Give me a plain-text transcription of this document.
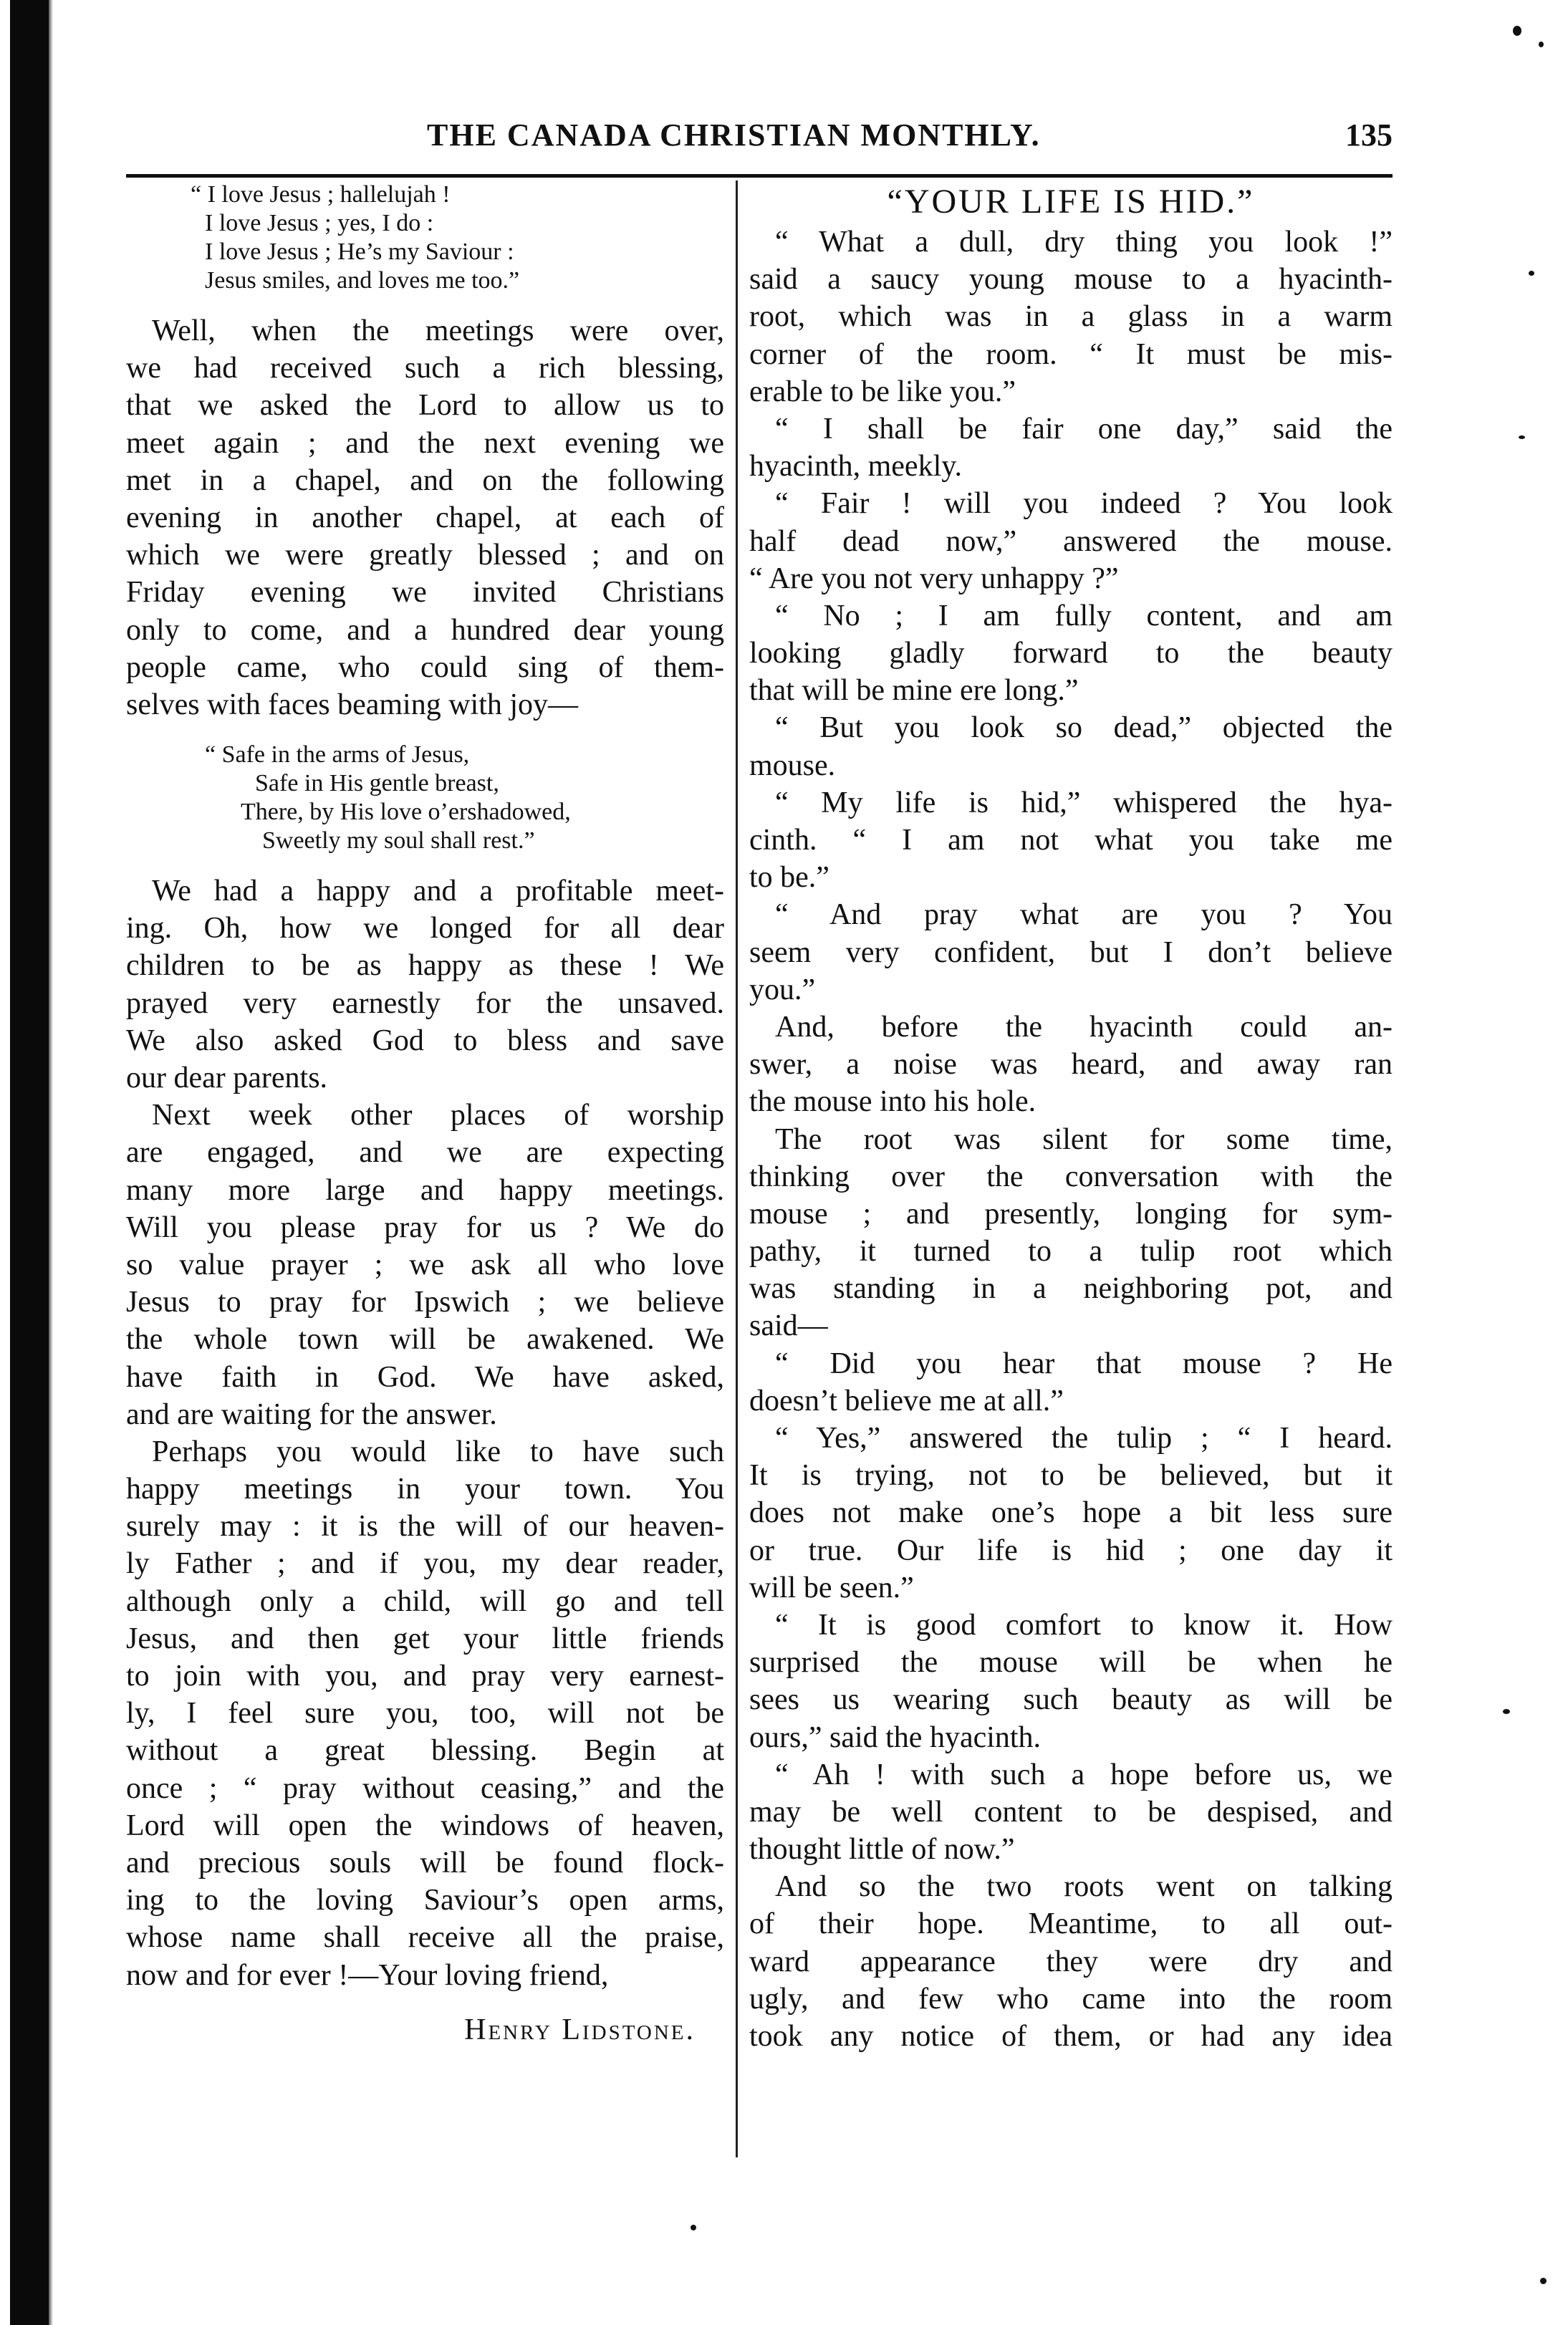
THE CANADA CHRISTIAN MONTHLY.	135
“ I love Jesus ; hallelujah !
I love Jesus ; yes, I do :
I love Jesus ; He’s my Saviour :
Jesus smiles, and loves me too.”
Well, when the meetings were over,
we had received such a rich blessing,
that we asked the Lord to allow us to
meet again ; and the next evening we
met in a chapel, and on the following
evening in another chapel, at each of
which we were greatly blessed ; and on
Friday evening we invited Christians
only to come, and a hundred dear young
people came, who could sing of them-
selves with faces beaming with joy—
“ Safe in the arms of Jesus,
Safe in His gentle breast,
There, by His love o’ershadowed,
Sweetly my soul shall rest.”
We had a happy and a profitable meet-
ing. Oh, how we longed for all dear
children to be as happy as these ! We
prayed very earnestly for the unsaved.
We also asked God to bless and save
our dear parents.
Next week other places of worship
are engaged, and we are expecting
many more large and happy meetings.
Will you please pray for us ? We do
so value prayer ; we ask all who love
Jesus to pray for Ipswich ; we believe
the whole town will be awakened. We
have faith in God. We have asked,
and are waiting for the answer.
Perhaps you would like to have such
happy meetings in your town. You
surely may : it is the will of our heaven-
ly Father ; and if you, my dear reader,
although only a child, will go and tell
Jesus, and then get your little friends
to join with you, and pray very earnest-
ly, I feel sure you, too, will not be
without a great blessing. Begin at
once ; “ pray without ceasing,” and the
Lord will open the windows of heaven,
and precious souls will be found flock-
ing to the loving Saviour’s open arms,
whose name shall receive all the praise,
now and for ever !—Your loving friend,
Henry Lidstone.
“YOUR LIFE IS HID.”
“ What a dull, dry thing you look !”
said a saucy young mouse to a hyacinth-
root, which was in a glass in a warm
corner of the room. “ It must be mis-
erable to be like you.”
“ I shall be fair one day,” said the
hyacinth, meekly.
“ Fair ! will you indeed ? You look
half dead now,” answered the mouse.
“ Are you not very unhappy ?”
“ No ; I am fully content, and am
looking gladly forward to the beauty
that will be mine ere long.”
“ But you look so dead,” objected the
mouse.
“ My life is hid,” whispered the hya-
cinth. “ I am not what you take me
to be.”
“ And pray what are you ? You
seem very confident, but I don’t believe
you.”
And, before the hyacinth could an-
swer, a noise was heard, and away ran
the mouse into his hole.
The root was silent for some time,
thinking over the conversation with the
mouse ; and presently, longing for sym-
pathy, it turned to a tulip root which
was standing in a neighboring pot, and
said—
“ Did you hear that mouse ? He
doesn’t believe me at all.”
“ Yes,” answered the tulip ; “ I heard.
It is trying, not to be believed, but it
does not make one’s hope a bit less sure
or true. Our life is hid ; one day it
will be seen.”
“ It is good comfort to know it. How
surprised the mouse will be when he
sees us wearing such beauty as will be
ours,” said the hyacinth.
“ Ah ! with such a hope before us, we
may be well content to be despised, and
thought little of now.”
And so the two roots went on talking
of their hope. Meantime, to all out-
ward appearance they were dry and
ugly, and few who came into the room
took any notice of them, or had any idea
